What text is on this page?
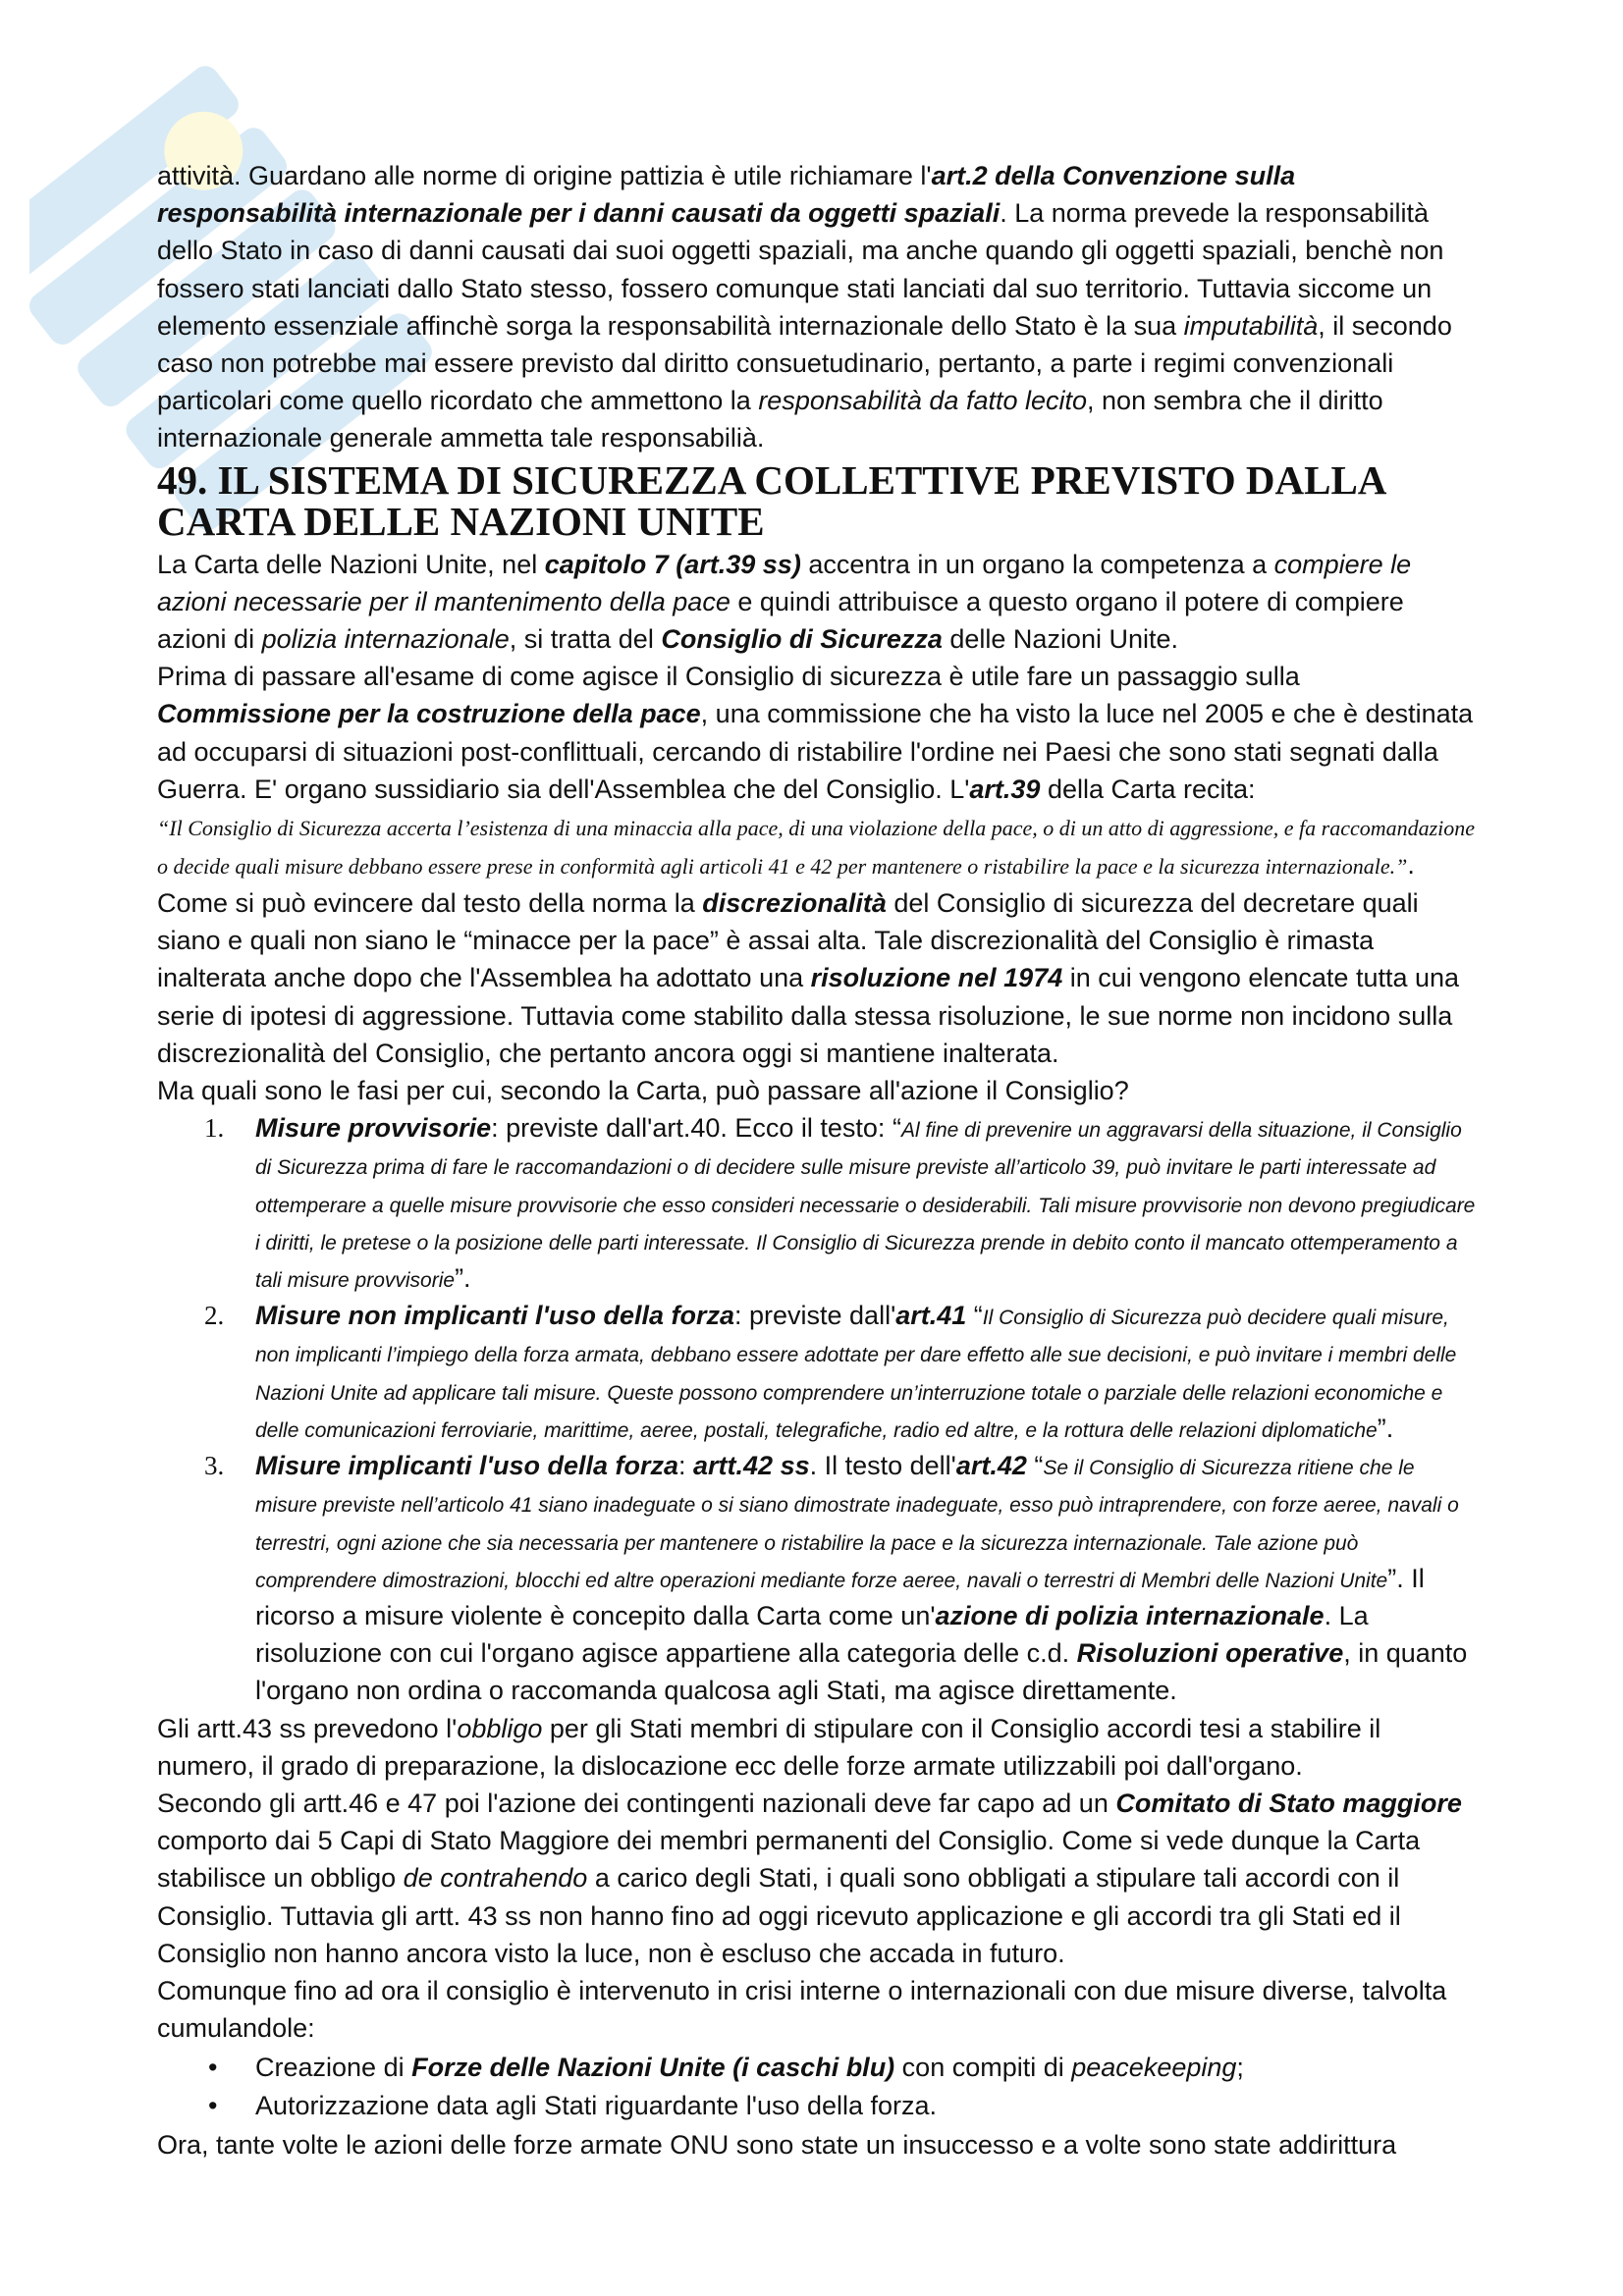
attività. Guardano alle norme di origine pattizia è utile richiamare l'art.2 della Convenzione sulla responsabilità internazionale per i danni causati da oggetti spaziali. La norma prevede la responsabilità dello Stato in caso di danni causati dai suoi oggetti spaziali, ma anche quando gli oggetti spaziali, benchè non fossero stati lanciati dallo Stato stesso, fossero comunque stati lanciati dal suo territorio. Tuttavia siccome un elemento essenziale affinchè sorga la responsabilità internazionale dello Stato è la sua imputabilità, il secondo caso non potrebbe mai essere previsto dal diritto consuetudinario, pertanto, a parte i regimi convenzionali particolari come quello ricordato che ammettono la responsabilità da fatto lecito, non sembra che il diritto internazionale generale ammetta tale responsabilià.

49. IL SISTEMA DI SICUREZZA COLLETTIVE PREVISTO DALLA CARTA DELLE NAZIONI UNITE

La Carta delle Nazioni Unite, nel capitolo 7 (art.39 ss) accentra in un organo la competenza a compiere le azioni necessarie per il mantenimento della pace e quindi attribuisce a questo organo il potere di compiere azioni di polizia internazionale, si tratta del Consiglio di Sicurezza delle Nazioni Unite.

Prima di passare all'esame di come agisce il Consiglio di sicurezza è utile fare un passaggio sulla Commissione per la costruzione della pace, una commissione che ha visto la luce nel 2005 e che è destinata ad occuparsi di situazioni post-conflittuali, cercando di ristabilire l'ordine nei Paesi che sono stati segnati dalla Guerra. E' organo sussidiario sia dell'Assemblea che del Consiglio. L'art.39 della Carta recita:

“Il Consiglio di Sicurezza accerta l’esistenza di una minaccia alla pace, di una violazione della pace, o di un atto di aggressione, e fa raccomandazione o decide quali misure debbano essere prese in conformità agli articoli 41 e 42 per mantenere o ristabilire la pace e la sicurezza internazionale.”. Come si può evincere dal testo della norma la discrezionalità del Consiglio di sicurezza del decretare quali siano e quali non siano le “minacce per la pace” è assai alta. Tale discrezionalità del Consiglio è rimasta inalterata anche dopo che l'Assemblea ha adottato una risoluzione nel 1974 in cui vengono elencate tutta una serie di ipotesi di aggressione. Tuttavia come stabilito dalla stessa risoluzione, le sue norme non incidono sulla discrezionalità del Consiglio, che pertanto ancora oggi si mantiene inalterata.

Ma quali sono le fasi per cui, secondo la Carta, può passare all'azione il Consiglio?

1. Misure provvisorie: previste dall'art.40. Ecco il testo: “Al fine di prevenire un aggravarsi della situazione, il Consiglio di Sicurezza prima di fare le raccomandazioni o di decidere sulle misure previste all’articolo 39, può invitare le parti interessate ad ottemperare a quelle misure provvisorie che esso consideri necessarie o desiderabili. Tali misure provvisorie non devono pregiudicare i diritti, le pretese o la posizione delle parti interessate. Il Consiglio di Sicurezza prende in debito conto il mancato ottemperamento a tali misure provvisorie”.
2. Misure non implicanti l'uso della forza: previste dall'art.41 “Il Consiglio di Sicurezza può decidere quali misure, non implicanti l’impiego della forza armata, debbano essere adottate per dare effetto alle sue decisioni, e può invitare i membri delle Nazioni Unite ad applicare tali misure. Queste possono comprendere un’interruzione totale o parziale delle relazioni economiche e delle comunicazioni ferroviarie, marittime, aeree, postali, telegrafiche, radio ed altre, e la rottura delle relazioni diplomatiche”.
3. Misure implicanti l'uso della forza: artt.42 ss. Il testo dell'art.42 “Se il Consiglio di Sicurezza ritiene che le misure previste nell’articolo 41 siano inadeguate o si siano dimostrate inadeguate, esso può intraprendere, con forze aeree, navali o terrestri, ogni azione che sia necessaria per mantenere o ristabilire la pace e la sicurezza internazionale. Tale azione può comprendere dimostrazioni, blocchi ed altre operazioni mediante forze aeree, navali o terrestri di Membri delle Nazioni Unite”. Il ricorso a misure violente è concepito dalla Carta come un'azione di polizia internazionale. La risoluzione con cui l'organo agisce appartiene alla categoria delle c.d. Risoluzioni operative, in quanto l'organo non ordina o raccomanda qualcosa agli Stati, ma agisce direttamente.

Gli artt.43 ss prevedono l'obbligo per gli Stati membri di stipulare con il Consiglio accordi tesi a stabilire il numero, il grado di preparazione, la dislocazione ecc delle forze armate utilizzabili poi dall'organo.

Secondo gli artt.46 e 47 poi l'azione dei contingenti nazionali deve far capo ad un Comitato di Stato maggiore comporto dai 5 Capi di Stato Maggiore dei membri permanenti del Consiglio. Come si vede dunque la Carta stabilisce un obbligo de contrahendo a carico degli Stati, i quali sono obbligati a stipulare tali accordi con il Consiglio. Tuttavia gli artt. 43 ss non hanno fino ad oggi ricevuto applicazione e gli accordi tra gli Stati ed il Consiglio non hanno ancora visto la luce, non è escluso che accada in futuro.

Comunque fino ad ora il consiglio è intervenuto in crisi interne o internazionali con due misure diverse, talvolta cumulandole:

• Creazione di Forze delle Nazioni Unite (i caschi blu) con compiti di peacekeeping;
• Autorizzazione data agli Stati riguardante l'uso della forza.

Ora, tante volte le azioni delle forze armate ONU sono state un insuccesso e a volte sono state addirittura
